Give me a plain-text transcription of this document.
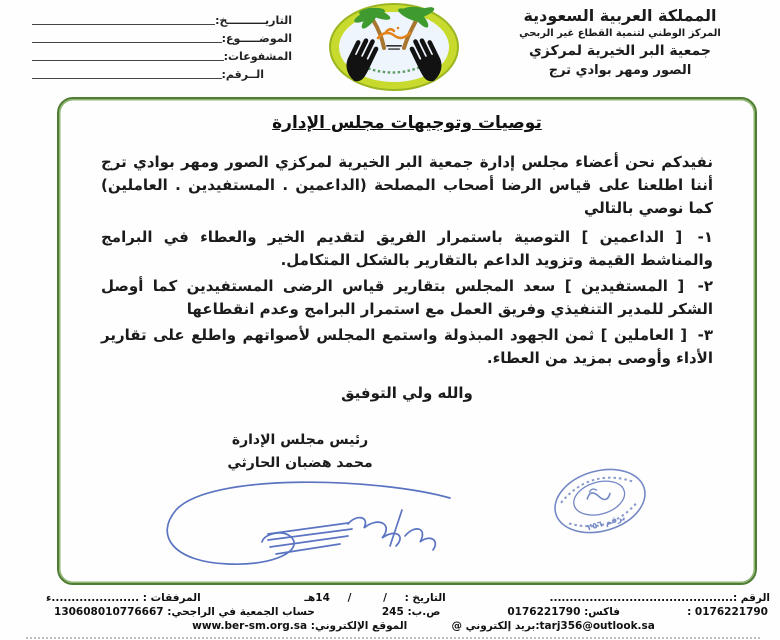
التاريــــــــــخ:
الموضـــــوع:
المشفوعات:
الــرقم:
المملكة العربية السعودية
المركز الوطني لتنمية القطاع غير الربحي
جمعية البر الخيرية لمركزي
الصور ومهر بوادي ترج
توصيات وتوجيهات مجلس الإدارة
نفيدكم نحن أعضاء مجلس إدارة جمعية البر الخيرية لمركزي الصور ومهر بوادي ترج أننا اطلعنا على قياس الرضا أصحاب المصلحة (الداعمين . المستفيدين . العاملين) كما نوصي بالتالي
١- [ الداعمين ] التوصية باستمرار الفريق لتقديم الخير والعطاء في البرامج والمناشط القيمة وتزويد الداعم بالتقارير بالشكل المتكامل.
٢- [ المستفيدين ] سعد المجلس بتقارير قياس الرضى المستفيدين كما أوصل الشكر للمدير التنفيذي وفريق العمل مع استمرار البرامج وعدم انقطاعها
٣- [ العاملين ] ثمن الجهود المبذولة واستمع المجلس لأصواتهم واطلع على تقارير الأداء وأوصى بمزيد من العطاء.
والله ولي التوفيق
رئيس مجلس الإدارة
محمد هضبان الحارثي
برقم ٢٥٦
الرقم :..............................................
التاريخ : / / 14هـ
المرفقات : ......................ء
: 0176221790
فاكس: 0176221790
ص.ب: 245
حساب الجمعية في الراجحي: 130608010776667
@ بريد إلكتروني:tarj356@outlook.sa
الموقع الإلكتروني: www.ber-sm.org.sa
